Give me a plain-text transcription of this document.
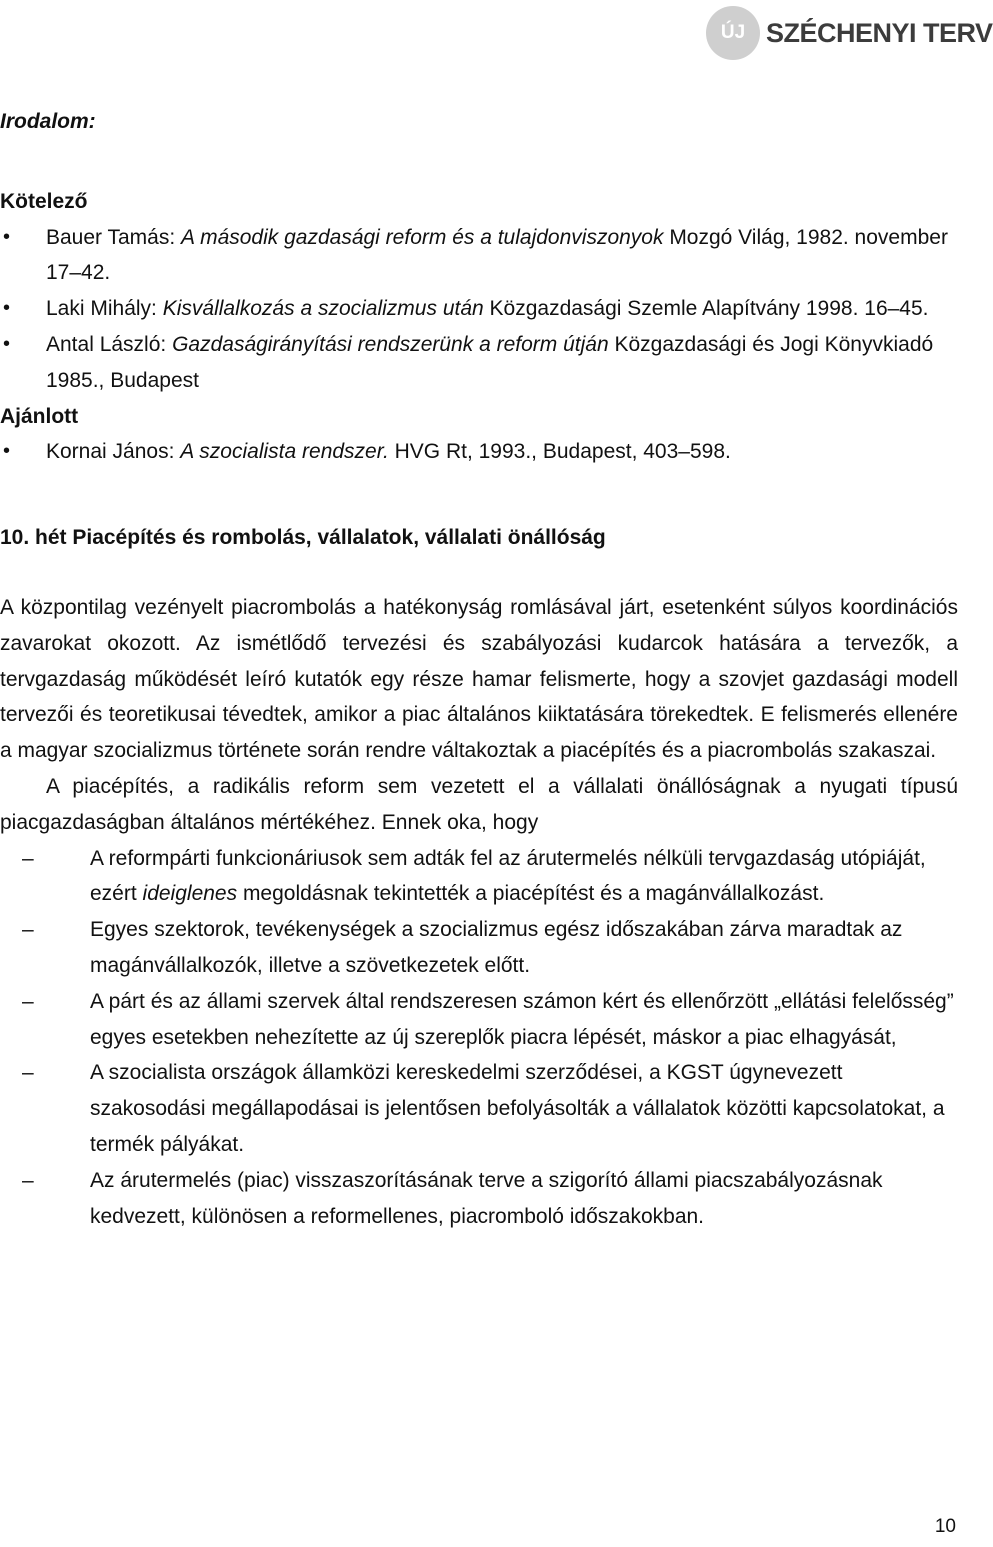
ÚJ SZÉCHENYI TERV

Irodalom:

Kötelező

• Bauer Tamás: A második gazdasági reform és a tulajdonviszonyok Mozgó Világ, 1982. november 17–42.
• Laki Mihály: Kisvállalkozás a szocializmus után Közgazdasági Szemle Alapítvány 1998. 16–45.
• Antal László: Gazdaságirányítási rendszerünk a reform útján Közgazdasági és Jogi Könyvkiadó 1985., Budapest

Ajánlott

• Kornai János: A szocialista rendszer. HVG Rt, 1993., Budapest, 403–598.

10. hét Piacépítés és rombolás, vállalatok, vállalati önállóság

A központilag vezényelt piacrombolás a hatékonyság romlásával járt, esetenként súlyos koordinációs zavarokat okozott. Az ismétlődő tervezési és szabályozási kudarcok hatására a tervezők, a tervgazdaság működését leíró kutatók egy része hamar felismerte, hogy a szovjet gazdasági modell tervezői és teoretikusai tévedtek, amikor a piac általános kiiktatására törekedtek. E felismerés ellenére a magyar szocializmus története során rendre váltakoztak a piacépítés és a piacrombolás szakaszai.

A piacépítés, a radikális reform sem vezetett el a vállalati önállóságnak a nyugati típusú piacgazdaságban általános mértékéhez. Ennek oka, hogy

–	A reformpárti funkcionáriusok sem adták fel az árutermelés nélküli tervgazdaság utópiáját, ezért ideiglenes megoldásnak tekintették a piacépítést és a magánvállalkozást.
–	Egyes szektorok, tevékenységek a szocializmus egész időszakában zárva maradtak az magánvállalkozók, illetve a szövetkezetek előtt.
–	A párt és az állami szervek által rendszeresen számon kért és ellenőrzött „ellátási felelősség” egyes esetekben nehezítette az új szereplők piacra lépését, máskor a piac elhagyását,
–	A szocialista országok államközi kereskedelmi szerződései, a KGST úgynevezett szakosodási megállapodásai is jelentősen befolyásolták a vállalatok közötti kapcsolatokat, a termék pályákat.
–	Az árutermelés (piac) visszaszorításának terve a szigorító állami piacszabályozásnak kedvezett, különösen a reformellenes, piacromboló időszakokban.
10
